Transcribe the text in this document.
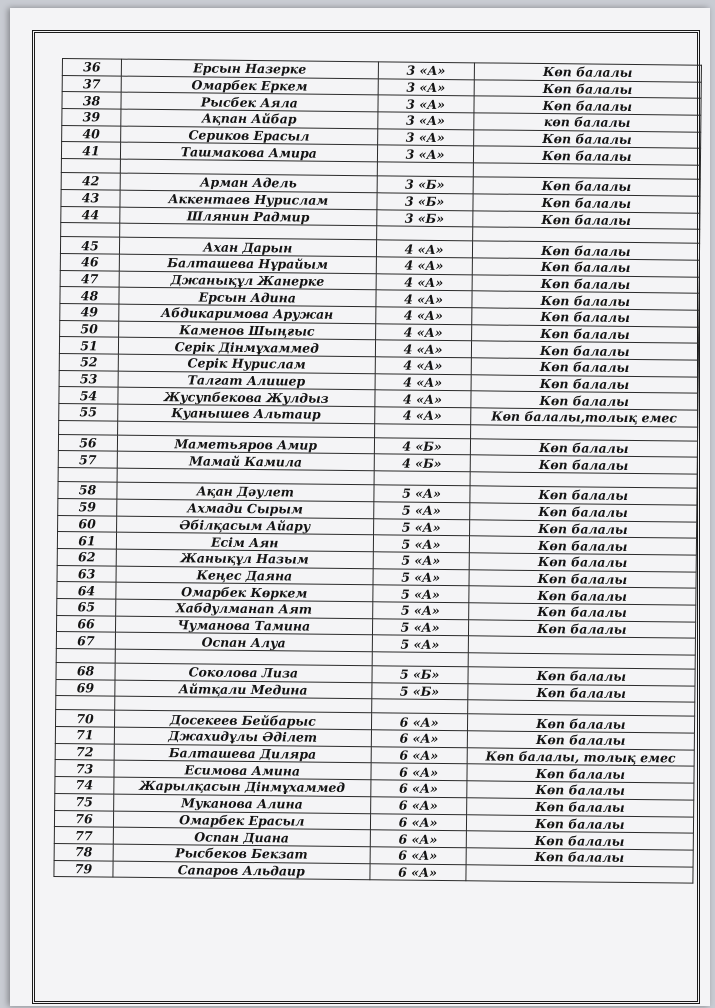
36	Ерсын Назерке	3 «А»	Көп балалы
37	Омарбек Еркем	3 «А»	Көп балалы
38	Рысбек Аяла	3 «А»	Көп балалы
39	Ақпан Айбар	3 «А»	көп балалы
40	Сериков Ерасыл	3 «А»	Көп балалы
41	Ташмакова Амира	3 «А»	Көп балалы

42	Арман Адель	3 «Б»	Көп балалы
43	Аккентаев Нурислам	3 «Б»	Көп балалы
44	Шлянин Радмир	3 «Б»	Көп балалы

45	Ахан Дарын	4 «А»	Көп балалы
46	Балташева Нұрайым	4 «А»	Көп балалы
47	Джанықұл Жанерке	4 «А»	Көп балалы
48	Ерсын Адина	4 «А»	Көп балалы
49	Абдикаримова Аружан	4 «А»	Көп балалы
50	Каменов Шыңғыс	4 «А»	Көп балалы
51	Серік Дінмұхаммед	4 «А»	Көп балалы
52	Серік Нурислам	4 «А»	Көп балалы
53	Талгат Алишер	4 «А»	Көп балалы
54	Жусупбекова Жулдыз	4 «А»	Көп балалы
55	Қуанышев Альтаир	4 «А»	Көп балалы,толық емес

56	Маметьяров Амир	4 «Б»	Көп балалы
57	Мамай Камила	4 «Б»	Көп балалы

58	Ақан Дәулет	5 «А»	Көп балалы
59	Ахмади Сырым	5 «А»	Көп балалы
60	Әбілқасым Айару	5 «А»	Көп балалы
61	Есім Аян	5 «А»	Көп балалы
62	Жанықұл Назым	5 «А»	Көп балалы
63	Кеңес Даяна	5 «А»	Көп балалы
64	Омарбек Көркем	5 «А»	Көп балалы
65	Хабдулманап Аят	5 «А»	Көп балалы
66	Чуманова Тамина	5 «А»	Көп балалы
67	Оспан Алуа	5 «А»	

68	Соколова Лиза	5 «Б»	Көп балалы
69	Айтқали Медина	5 «Б»	Көп балалы

70	Досекеев Бейбарыс	6 «А»	Көп балалы
71	Джахидұлы Әділет	6 «А»	Көп балалы
72	Балташева Диляра	6 «А»	Көп балалы, толық емес
73	Есимова Амина	6 «А»	Көп балалы
74	Жарылқасын Дінмұхаммед	6 «А»	Көп балалы
75	Муканова Алина	6 «А»	Көп балалы
76	Омарбек Ерасыл	6 «А»	Көп балалы
77	Оспан Диана	6 «А»	Көп балалы
78	Рысбеков Бекзат	6 «А»	Көп балалы
79	Сапаров Альдаир	6 «А»	
